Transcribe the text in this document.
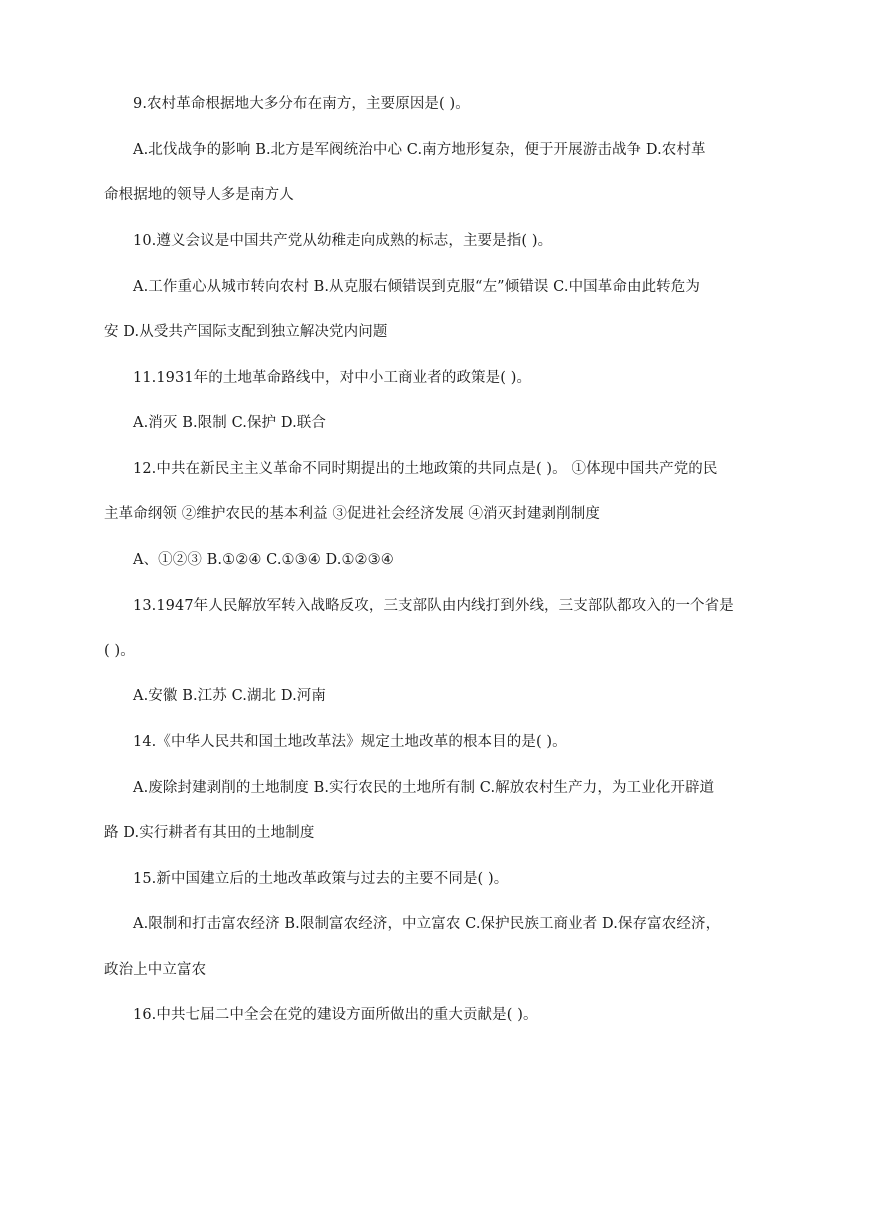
9.农村革命根据地大多分布在南方，主要原因是( )。
A.北伐战争的影响 B.北方是军阀统治中心 C.南方地形复杂，便于开展游击战争 D.农村革
命根据地的领导人多是南方人
10.遵义会议是中国共产党从幼稚走向成熟的标志，主要是指( )。
A.工作重心从城市转向农村 B.从克服右倾错误到克服“左”倾错误 C.中国革命由此转危为
安 D.从受共产国际支配到独立解决党内问题
11.1931年的土地革命路线中，对中小工商业者的政策是( )。
A.消灭 B.限制 C.保护 D.联合
12.中共在新民主主义革命不同时期提出的土地政策的共同点是( )。 ①体现中国共产党的民
主革命纲领 ②维护农民的基本利益 ③促进社会经济发展 ④消灭封建剥削制度
A、①②③ B.①②④ C.①③④ D.①②③④
13.1947年人民解放军转入战略反攻，三支部队由内线打到外线，三支部队都攻入的一个省是
( )。
A.安徽 B.江苏 C.湖北 D.河南
14.《中华人民共和国土地改革法》规定土地改革的根本目的是( )。
A.废除封建剥削的土地制度 B.实行农民的土地所有制 C.解放农村生产力，为工业化开辟道
路 D.实行耕者有其田的土地制度
15.新中国建立后的土地改革政策与过去的主要不同是( )。
A.限制和打击富农经济 B.限制富农经济，中立富农 C.保护民族工商业者 D.保存富农经济，
政治上中立富农
16.中共七届二中全会在党的建设方面所做出的重大贡献是( )。
